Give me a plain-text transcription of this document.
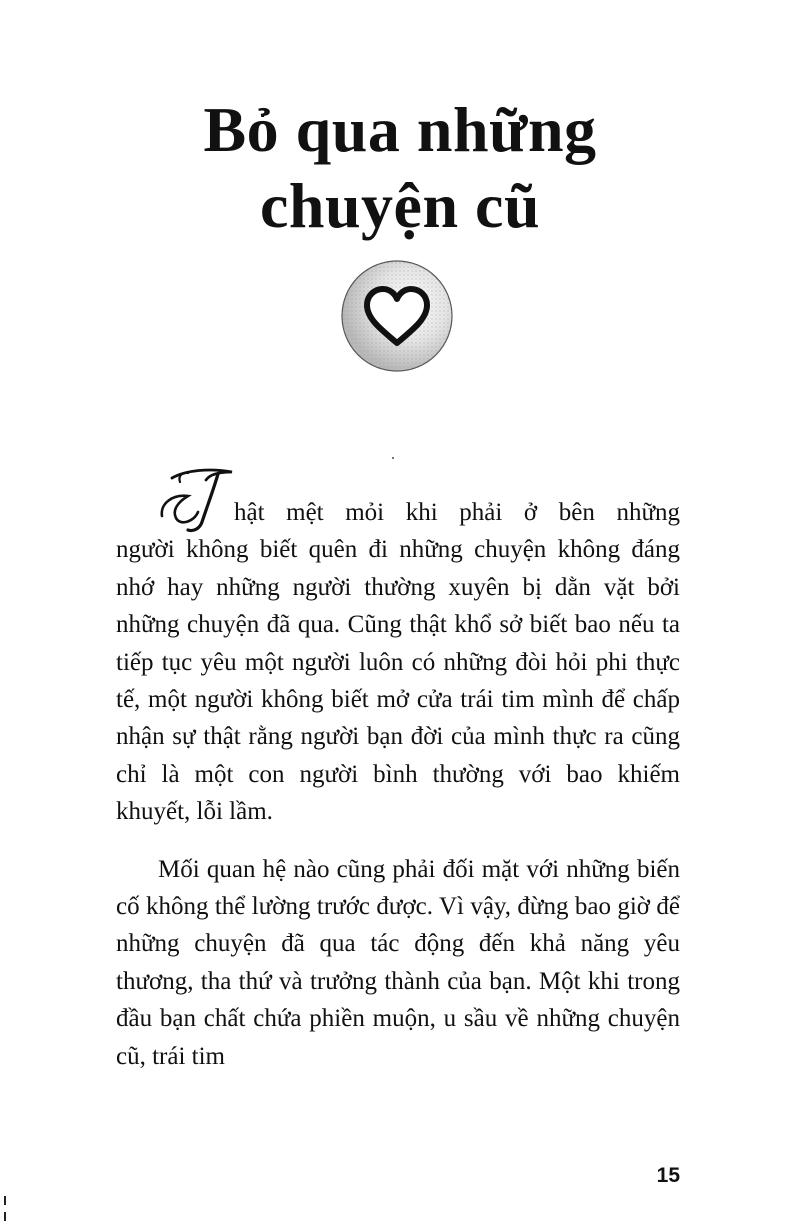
Bỏ qua những
chuyện cũ

T
hật mệt mỏi khi phải ở bên những
người không biết quên đi những chuyện không đáng nhớ hay những người thường xuyên bị dằn vặt bởi những chuyện đã qua. Cũng thật khổ sở biết bao nếu ta tiếp tục yêu một người luôn có những đòi hỏi phi thực tế, một người không biết mở cửa trái tim mình để chấp nhận sự thật rằng người bạn đời của mình thực ra cũng chỉ là một con người bình thường với bao khiếm khuyết, lỗi lầm.

Mối quan hệ nào cũng phải đối mặt với những biến cố không thể lường trước được. Vì vậy, đừng bao giờ để những chuyện đã qua tác động đến khả năng yêu thương, tha thứ và trưởng thành của bạn. Một khi trong đầu bạn chất chứa phiền muộn, u sầu về những chuyện cũ, trái tim

15
